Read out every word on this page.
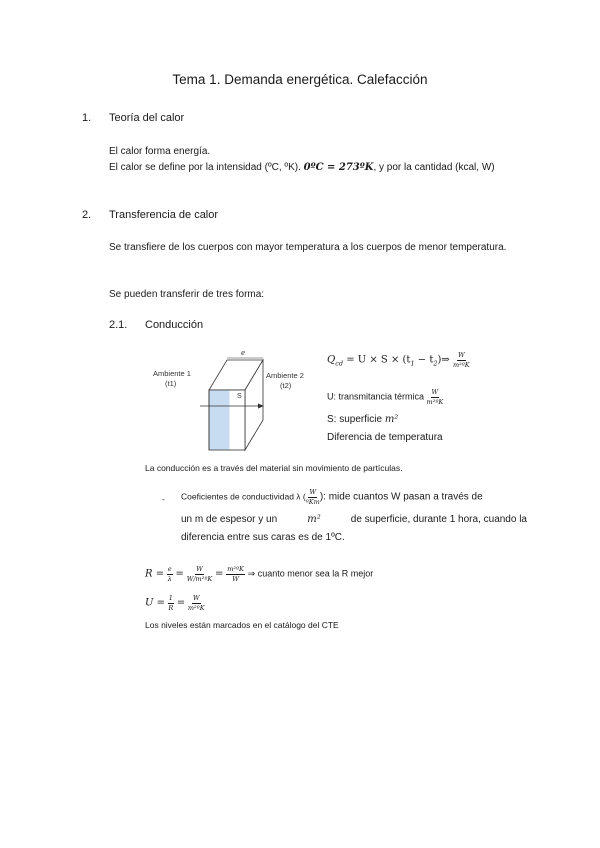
Tema 1. Demanda energética. Calefacción
1. Teoría del calor
El calor forma energía.
El calor se define por la intensidad (ºC, ºK). 0ºC = 273ºK, y por la cantidad (kcal, W)
2. Transferencia de calor
Se transfiere de los cuerpos con mayor temperatura a los cuerpos de menor temperatura.
Se pueden transferir de tres forma:
2.1. Conducción
e
S
Ambiente 1
(t1)
Ambiente 2
(t2)
$Q_{cd} = U \times S \times (t_1$ − $t_2)\Rightarrow \frac{W}{\text{m²ºK}}$
U: transmitancia térmica $\frac{W}{\text{m²ºK}}$
S: superficie m²
Diferencia de temperatura
La conducción es a través del material sin movimiento de partículas.
- Coeficientes de conductividad λ ( $\frac{W}{\text{ºKm}}$ ): mide cuantos W pasan a través de
un m de espesor y un	m²	de superficie, durante 1 hora, cuando la
diferencia entre sus caras es de 1ºC.
$R = \frac{e}{\lambda} = \frac{W}{\text{W/m²ºK}} = \frac{\text{m²ºK}}{W}$ ⇒ cuanto menor sea la R mejor
$U = \frac{1}{R} = \frac{W}{\text{m²ºK}}$
Los niveles están marcados en el catálogo del CTE
